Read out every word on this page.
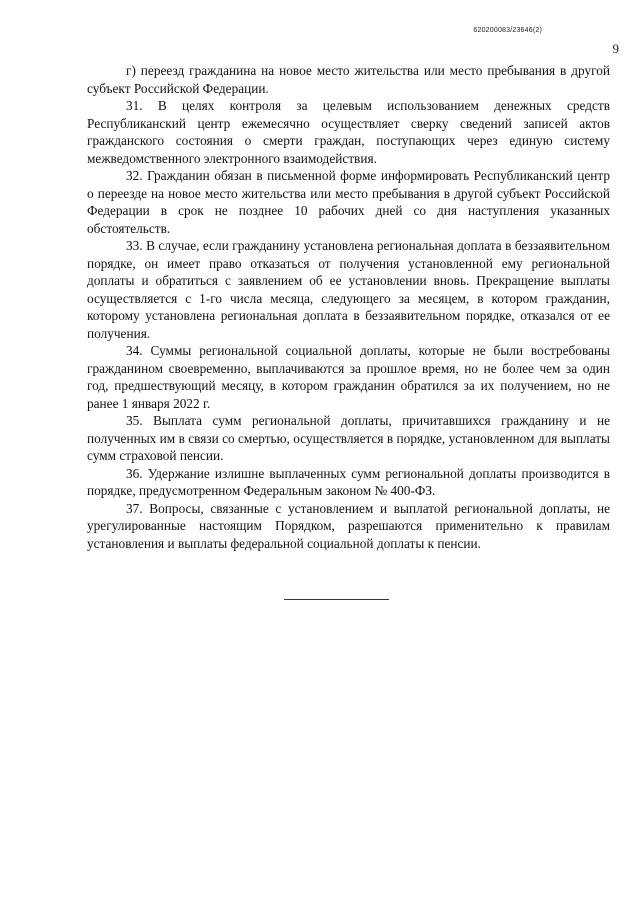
620200083/23646(2)
9

г) переезд гражданина на новое место жительства или место пребывания в другой субъект Российской Федерации.

31. В целях контроля за целевым использованием денежных средств Республиканский центр ежемесячно осуществляет сверку сведений записей актов гражданского состояния о смерти граждан, поступающих через единую систему межведомственного электронного взаимодействия.

32. Гражданин обязан в письменной форме информировать Республиканский центр о переезде на новое место жительства или место пребывания в другой субъект Российской Федерации в срок не позднее 10 рабочих дней со дня наступления указанных обстоятельств.

33. В случае, если гражданину установлена региональная доплата в беззаявительном порядке, он имеет право отказаться от получения установленной ему региональной доплаты и обратиться с заявлением об ее установлении вновь. Прекращение выплаты осуществляется с 1-го числа месяца, следующего за месяцем, в котором гражданин, которому установлена региональная доплата в беззаявительном порядке, отказался от ее получения.

34. Суммы региональной социальной доплаты, которые не были востребованы гражданином своевременно, выплачиваются за прошлое время, но не более чем за один год, предшествующий месяцу, в котором гражданин обратился за их получением, но не ранее 1 января 2022 г.

35. Выплата сумм региональной доплаты, причитавшихся гражданину и не полученных им в связи со смертью, осуществляется в порядке, установленном для выплаты сумм страховой пенсии.

36. Удержание излишне выплаченных сумм региональной доплаты производится в порядке, предусмотренном Федеральным законом № 400-ФЗ.

37. Вопросы, связанные с установлением и выплатой региональной доплаты, не урегулированные настоящим Порядком, разрешаются применительно к правилам установления и выплаты федеральной социальной доплаты к пенсии.
